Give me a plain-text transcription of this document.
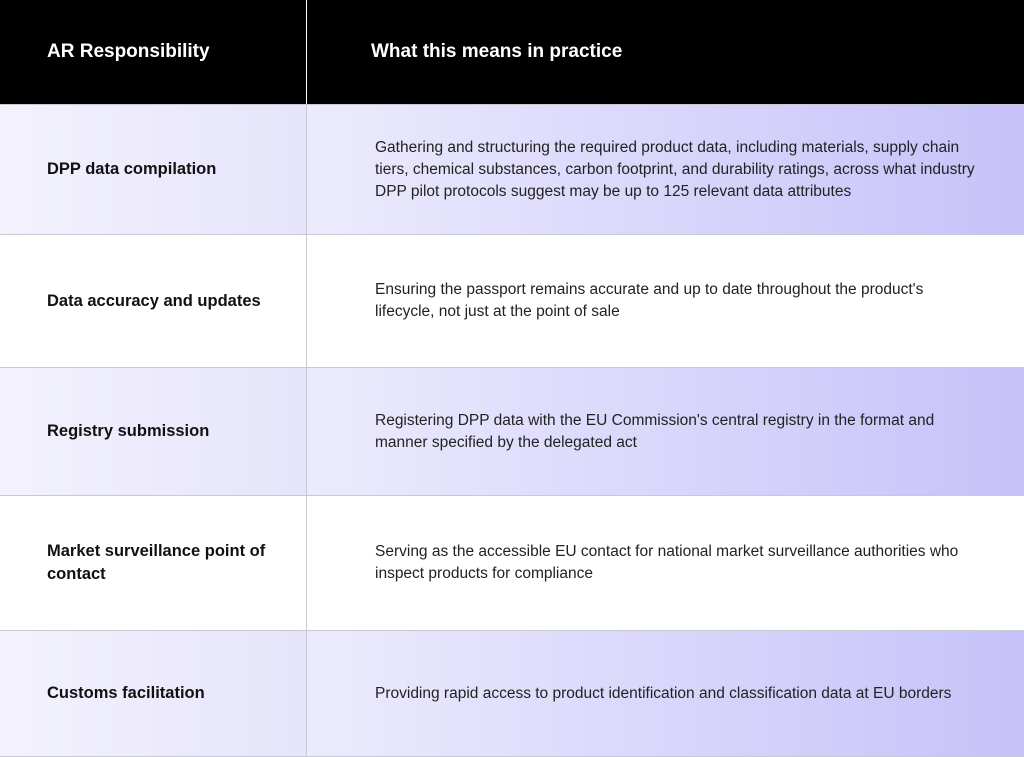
AR Responsibility	What this means in practice
DPP data compilation
Gathering and structuring the required product data, including materials, supply chain tiers, chemical substances, carbon footprint, and durability ratings, across what industry DPP pilot protocols suggest may be up to 125 relevant data attributes
Data accuracy and updates
Ensuring the passport remains accurate and up to date throughout the product's lifecycle, not just at the point of sale
Registry submission
Registering DPP data with the EU Commission's central registry in the format and manner specified by the delegated act
Market surveillance point of contact
Serving as the accessible EU contact for national market surveillance authorities who inspect products for compliance
Customs facilitation	Providing rapid access to product identification and classification data at EU borders
